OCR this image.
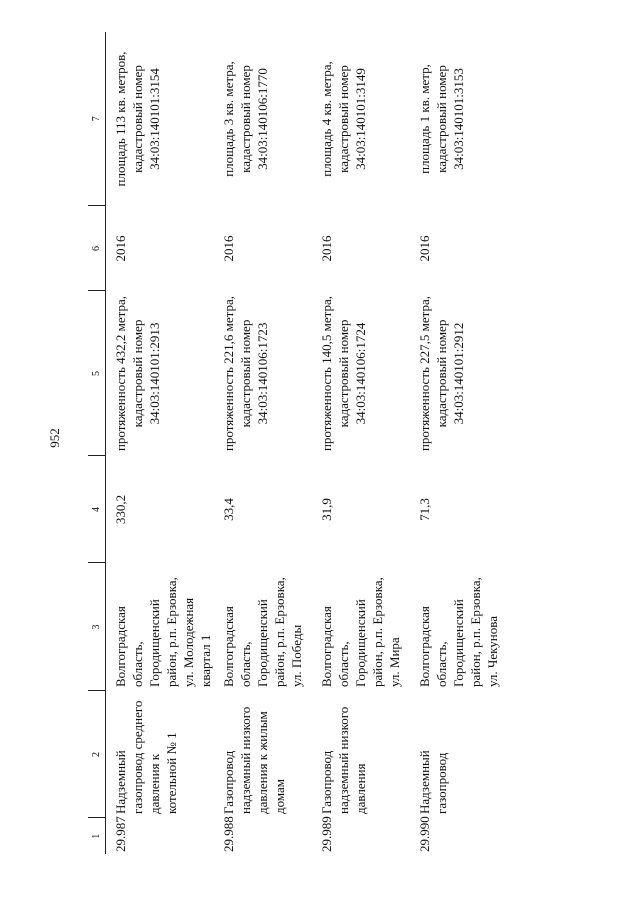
952
1	2	3	4	5	6	7
29.987	Надземный газопровод среднего давления к котельной № 1	Волгоградская область, Городищенский район, р.п. Ерзовка, ул. Молодежная квартал 1	330,2	протяженность 432,2 метра, кадастровый номер 34:03:140101:2913	2016	площадь 113 кв. метров, кадастровый номер 34:03:140101:3154
29.988	Газопровод надземный низкого давления к жилым домам	Волгоградская область, Городищенский район, р.п. Ерзовка, ул. Победы	33,4	протяженность 221,6 метра, кадастровый номер 34:03:140106:1723	2016	площадь 3 кв. метра, кадастровый номер 34:03:140106:1770
29.989	Газопровод надземный низкого давления	Волгоградская область, Городищенский район, р.п. Ерзовка, ул. Мира	31,9	протяженность 140,5 метра, кадастровый номер 34:03:140106:1724	2016	площадь 4 кв. метра, кадастровый номер 34:03:140101:3149
29.990	Надземный газопровод	Волгоградская область, Городищенский район, р.п. Ерзовка, ул. Чекунова	71,3	протяженность 227,5 метра, кадастровый номер 34:03:140101:2912	2016	площадь 1 кв. метр, кадастровый номер 34:03:140101:3153
